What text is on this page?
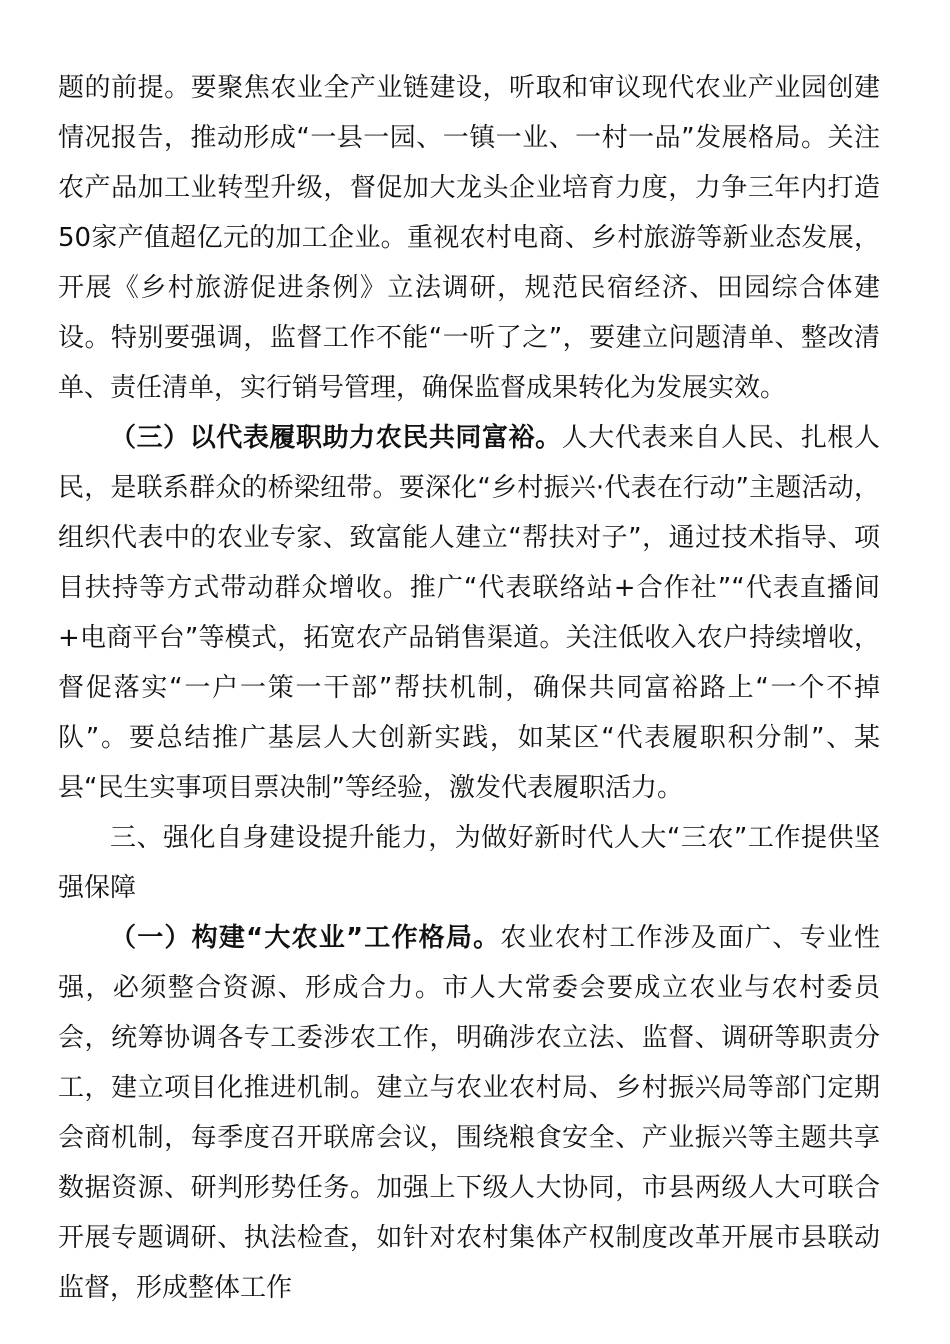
题的前提。要聚焦农业全产业链建设，听取和审议现代农业产业园创建情况报告，推动形成“一县一园、一镇一业、一村一品”发展格局。关注农产品加工业转型升级，督促加大龙头企业培育力度，力争三年内打造50家产值超亿元的加工企业。重视农村电商、乡村旅游等新业态发展，开展《乡村旅游促进条例》立法调研，规范民宿经济、田园综合体建设。特别要强调，监督工作不能“一听了之”，要建立问题清单、整改清单、责任清单，实行销号管理，确保监督成果转化为发展实效。

（三）以代表履职助力农民共同富裕。人大代表来自人民、扎根人民，是联系群众的桥梁纽带。要深化“乡村振兴·代表在行动”主题活动，组织代表中的农业专家、致富能人建立“帮扶对子”，通过技术指导、项目扶持等方式带动群众增收。推广“代表联络站+合作社”“代表直播间+电商平台”等模式，拓宽农产品销售渠道。关注低收入农户持续增收，督促落实“一户一策一干部”帮扶机制，确保共同富裕路上“一个不掉队”。要总结推广基层人大创新实践，如某区“代表履职积分制”、某县“民生实事项目票决制”等经验，激发代表履职活力。

三、强化自身建设提升能力，为做好新时代人大“三农”工作提供坚强保障

（一）构建“大农业”工作格局。农业农村工作涉及面广、专业性强，必须整合资源、形成合力。市人大常委会要成立农业与农村委员会，统筹协调各专工委涉农工作，明确涉农立法、监督、调研等职责分工，建立项目化推进机制。建立与农业农村局、乡村振兴局等部门定期会商机制，每季度召开联席会议，围绕粮食安全、产业振兴等主题共享数据资源、研判形势任务。加强上下级人大协同，市县两级人大可联合开展专题调研、执法检查，如针对农村集体产权制度改革开展市县联动监督，形成整体工作
